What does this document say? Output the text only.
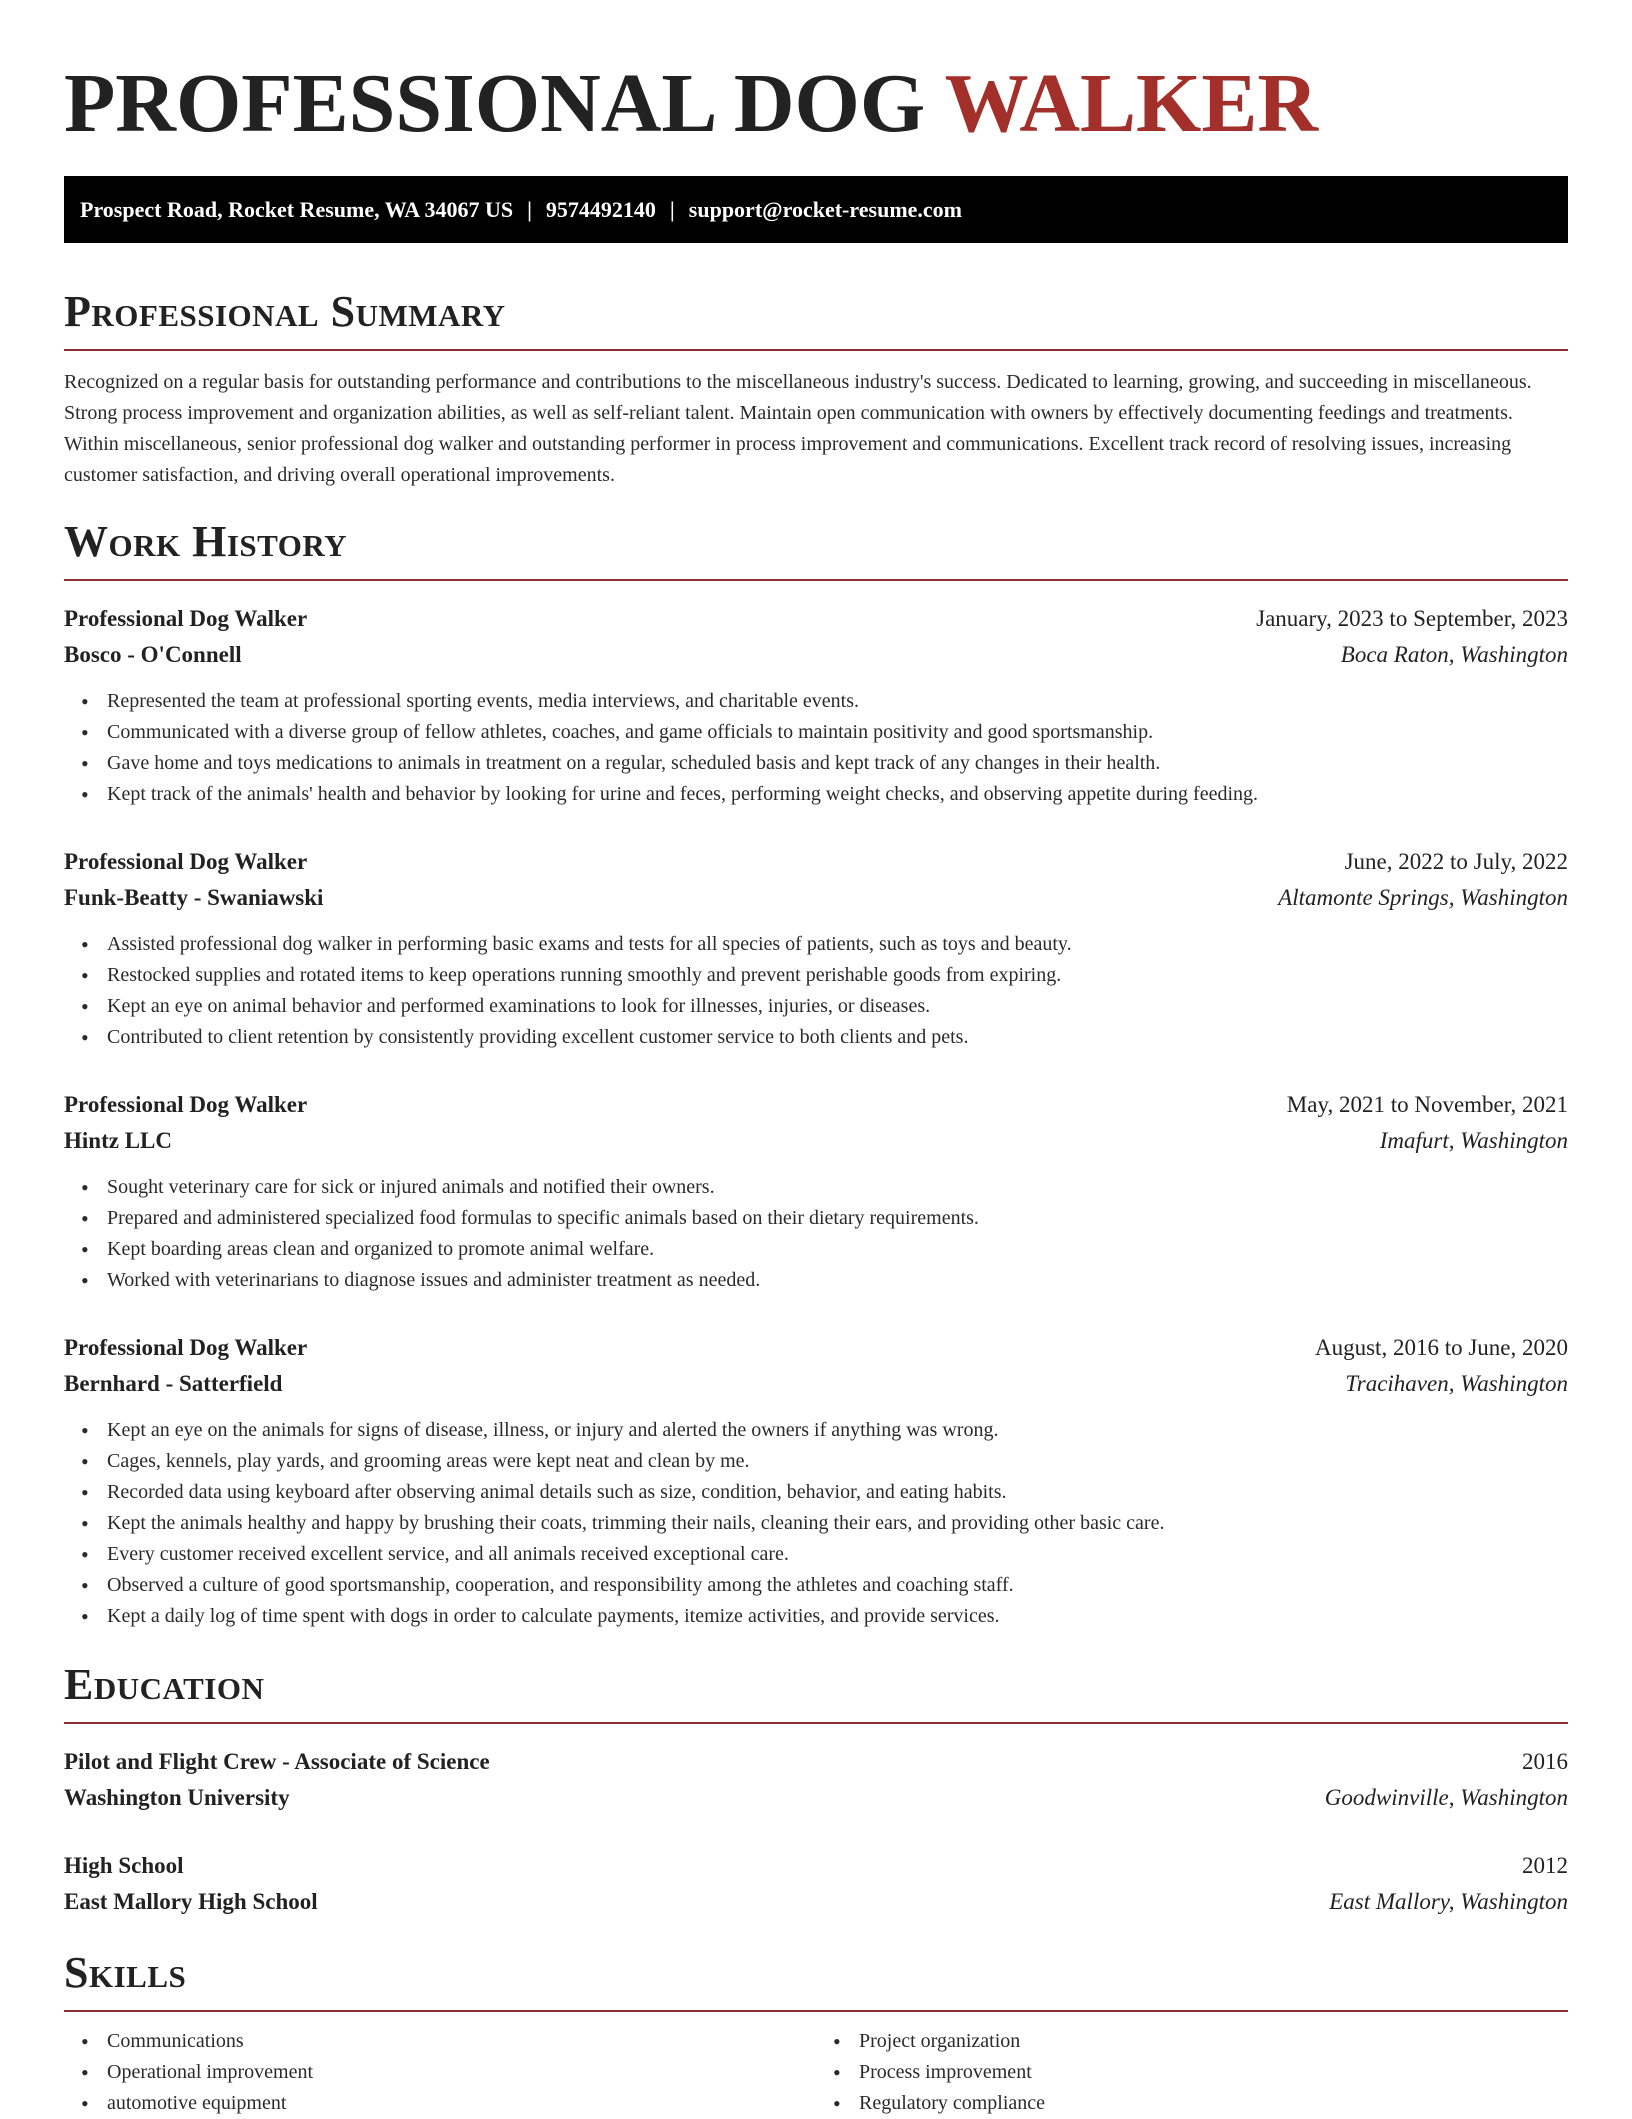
PROFESSIONAL DOG WALKER
Prospect Road, Rocket Resume, WA 34067 US | 9574492140 | support@rocket-resume.com
Professional Summary

Recognized on a regular basis for outstanding performance and contributions to the miscellaneous industry's success. Dedicated to learning, growing, and succeeding in miscellaneous. Strong process improvement and organization abilities, as well as self-reliant talent. Maintain open communication with owners by effectively documenting feedings and treatments. Within miscellaneous, senior professional dog walker and outstanding performer in process improvement and communications. Excellent track record of resolving issues, increasing customer satisfaction, and driving overall operational improvements.

Work History
Professional Dog Walker	January, 2023 to September, 2023
Bosco - O'Connell	Boca Raton, Washington
• Represented the team at professional sporting events, media interviews, and charitable events.
• Communicated with a diverse group of fellow athletes, coaches, and game officials to maintain positivity and good sportsmanship.
• Gave home and toys medications to animals in treatment on a regular, scheduled basis and kept track of any changes in their health.
• Kept track of the animals' health and behavior by looking for urine and feces, performing weight checks, and observing appetite during feeding.
Professional Dog Walker	June, 2022 to July, 2022
Funk-Beatty - Swaniawski	Altamonte Springs, Washington
• Assisted professional dog walker in performing basic exams and tests for all species of patients, such as toys and beauty.
• Restocked supplies and rotated items to keep operations running smoothly and prevent perishable goods from expiring.
• Kept an eye on animal behavior and performed examinations to look for illnesses, injuries, or diseases.
• Contributed to client retention by consistently providing excellent customer service to both clients and pets.
Professional Dog Walker	May, 2021 to November, 2021
Hintz LLC	Imafurt, Washington
• Sought veterinary care for sick or injured animals and notified their owners.
• Prepared and administered specialized food formulas to specific animals based on their dietary requirements.
• Kept boarding areas clean and organized to promote animal welfare.
• Worked with veterinarians to diagnose issues and administer treatment as needed.
Professional Dog Walker	August, 2016 to June, 2020
Bernhard - Satterfield	Tracihaven, Washington
• Kept an eye on the animals for signs of disease, illness, or injury and alerted the owners if anything was wrong.
• Cages, kennels, play yards, and grooming areas were kept neat and clean by me.
• Recorded data using keyboard after observing animal details such as size, condition, behavior, and eating habits.
• Kept the animals healthy and happy by brushing their coats, trimming their nails, cleaning their ears, and providing other basic care.
• Every customer received excellent service, and all animals received exceptional care.
• Observed a culture of good sportsmanship, cooperation, and responsibility among the athletes and coaching staff.
• Kept a daily log of time spent with dogs in order to calculate payments, itemize activities, and provide services.
Education
Pilot and Flight Crew - Associate of Science	2016
Washington University	Goodwinville, Washington
High School	2012
East Mallory High School	East Mallory, Washington
Skills
• Communications
• Operational improvement
• automotive equipment
• Project organization
• Process improvement
• Regulatory compliance
